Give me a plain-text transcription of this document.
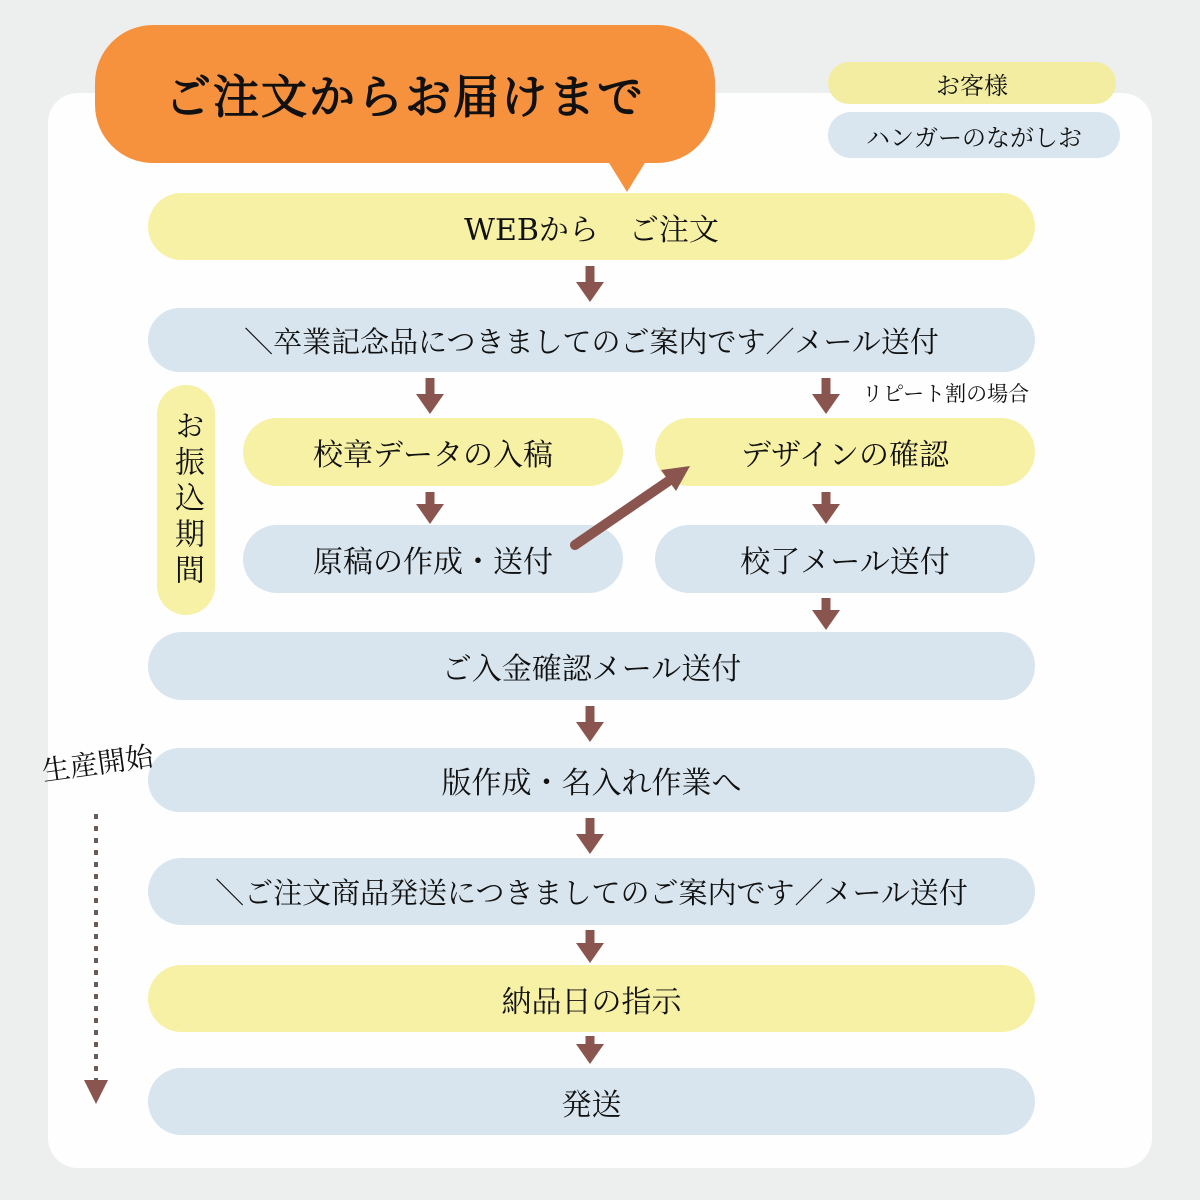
ご注文からお届けまで	お客様
ハンガーのながしお
WEBから　ご注文
＼卒業記念品につきましてのご案内です／メール送付
リピート割の場合
お振込期間	校章データの入稿	デザインの確認
原稿の作成・送付	校了メール送付
ご入金確認メール送付
版作成・名入れ作業へ
生産開始
＼ご注文商品発送につきましてのご案内です／メール送付
納品日の指示
発送
